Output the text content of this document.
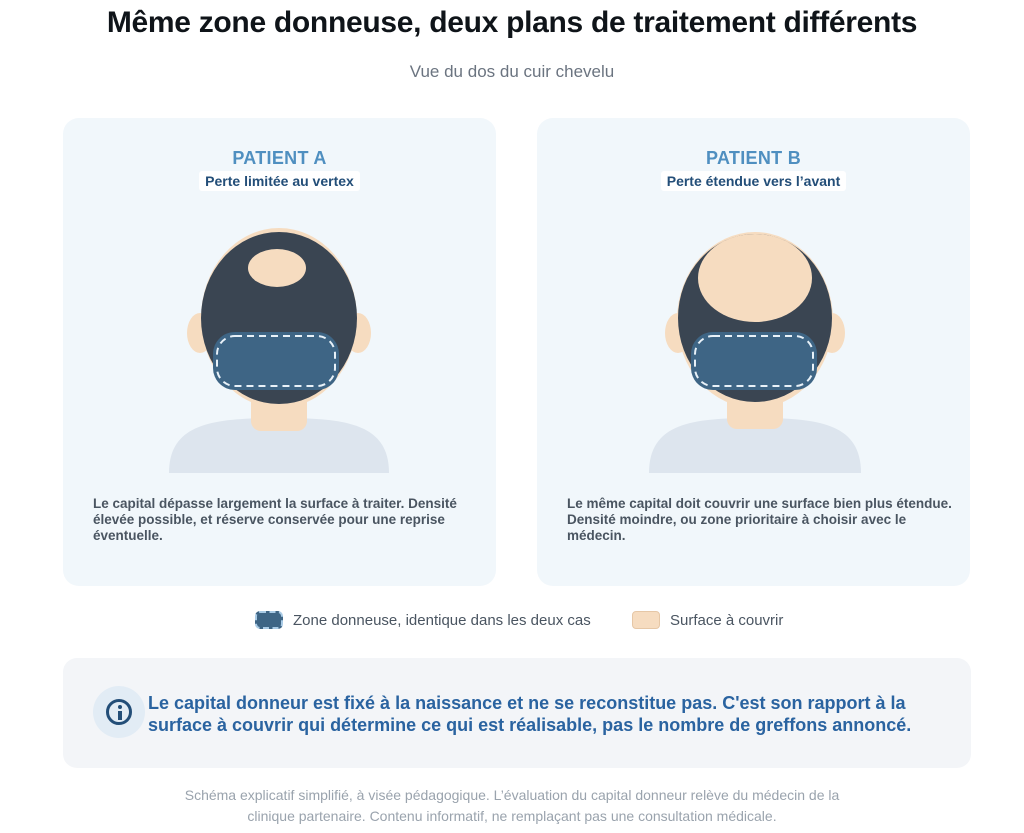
Même zone donneuse, deux plans de traitement différents
Vue du dos du cuir chevelu
PATIENT A
Perte limitée au vertex
Le capital dépasse largement la surface à traiter. Densité élevée possible, et réserve conservée pour une reprise éventuelle.
PATIENT B
Perte étendue vers l’avant
Le même capital doit couvrir une surface bien plus étendue. Densité moindre, ou zone prioritaire à choisir avec le médecin.
Zone donneuse, identique dans les deux cas	Surface à couvrir
Le capital donneur est fixé à la naissance et ne se reconstitue pas. C'est son rapport à la surface à couvrir qui détermine ce qui est réalisable, pas le nombre de greffons annoncé.
Schéma explicatif simplifié, à visée pédagogique. L’évaluation du capital donneur relève du médecin de la
clinique partenaire. Contenu informatif, ne remplaçant pas une consultation médicale.
